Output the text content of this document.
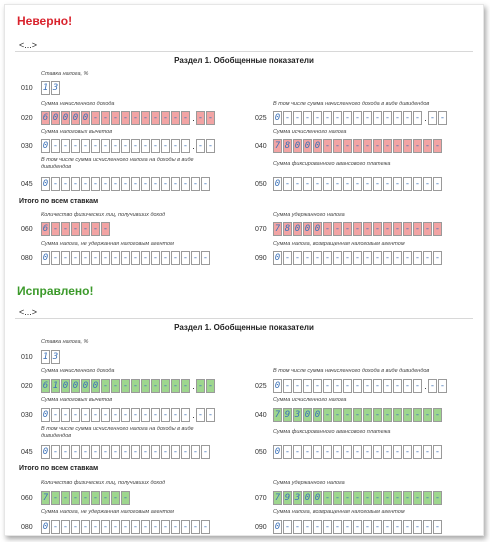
Неверно!
<...>
Раздел 1. Обобщенные показатели
Ставка налога, %
010	1 3
Сумма начисленного дохода
020	6 0 0 0 0 - - - - - - - - - - . - -
В том числе сумма начисленного дохода в виде дивидендов
025 0 - - - - - - - - - - - - - - . - -
Сумма налоговых вычетов
030	0 - - - - - - - - - - - - - - . - -
Сумма исчисленного налога
040 7 8 0 0 0 - - - - - - - - - - - -
В том числе сумма исчисленного налога на доходы в виде дивидендов
045	0 - - - - - - - - - - - - - - - -
Сумма фиксированного авансового платежа
050 0 - - - - - - - - - - - - - - - -
Итого по всем ставкам
Количество физических лиц, получивших доход
060	6 - - - - - -
Сумма удержанного налога
070 7 8 0 0 0 - - - - - - - - - - - -
Сумма налога, не удержанная налоговым агентом
080	0 - - - - - - - - - - - - - - - -
Сумма налога, возвращенная налоговым агентом
090 0 - - - - - - - - - - - - - - - -
Исправлено!
<...>
Раздел 1. Обобщенные показатели
Ставка налога, %
010	1 3
Сумма начисленного дохода
020	6 1 0 0 0 0 - - - - - - - - - . - -
В том числе сумма начисленного дохода в виде дивидендов
025 0 - - - - - - - - - - - - - - . - -
Сумма налоговых вычетов
030	0 - - - - - - - - - - - - - - . - -
Сумма исчисленного налога
040 7 9 3 0 0 - - - - - - - - - - - -
В том числе сумма исчисленного налога на доходы в виде дивидендов
045	0 - - - - - - - - - - - - - - - -
Сумма фиксированного авансового платежа
050 0 - - - - - - - - - - - - - - - -
Итого по всем ставкам
Количество физических лиц, получивших доход
060	7 - - - - - - - -
Сумма удержанного налога
070 7 9 3 0 0 - - - - - - - - - - - -
Сумма налога, не удержанная налоговым агентом
080	0 - - - - - - - - - - - - - - - -
Сумма налога, возвращенная налоговым агентом
090 0 - - - - - - - - - - - - - - - -
